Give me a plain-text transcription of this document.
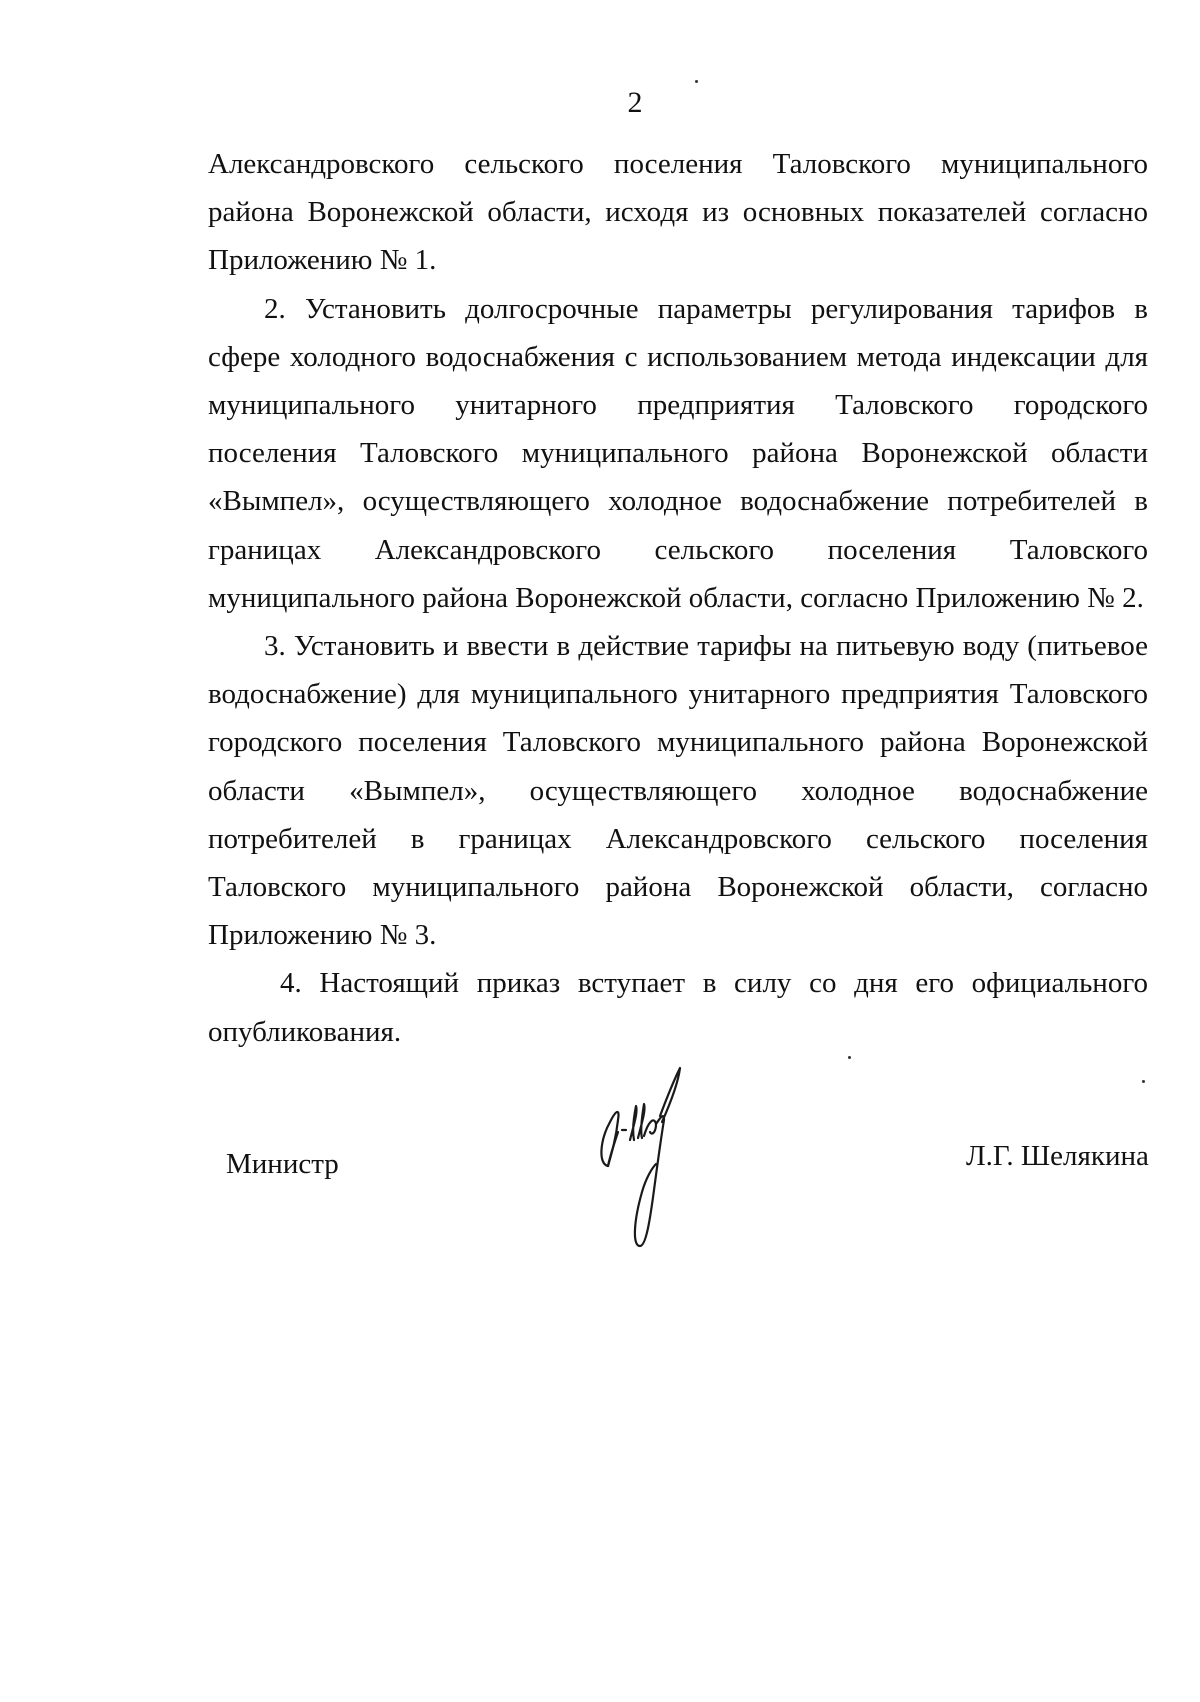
2

Александровского сельского поселения Таловского муниципального района Воронежской области, исходя из основных показателей согласно Приложению № 1.

2. Установить долгосрочные параметры регулирования тарифов в сфере холодного водоснабжения с использованием метода индексации для муниципального унитарного предприятия Таловского городского поселения Таловского муниципального района Воронежской области «Вымпел», осуществляющего холодное водоснабжение потребителей в границах Александровского сельского поселения Таловского муниципального района Воронежской области, согласно Приложению № 2.

3. Установить и ввести в действие тарифы на питьевую воду (питьевое водоснабжение) для муниципального унитарного предприятия Таловского городского поселения Таловского муниципального района Воронежской области «Вымпел», осуществляющего холодное водоснабжение потребителей в границах Александровского сельского поселения Таловского муниципального района Воронежской области, согласно Приложению № 3.

4. Настоящий приказ вступает в силу со дня его официального опубликования.

Министр	Л.Г. Шелякина
